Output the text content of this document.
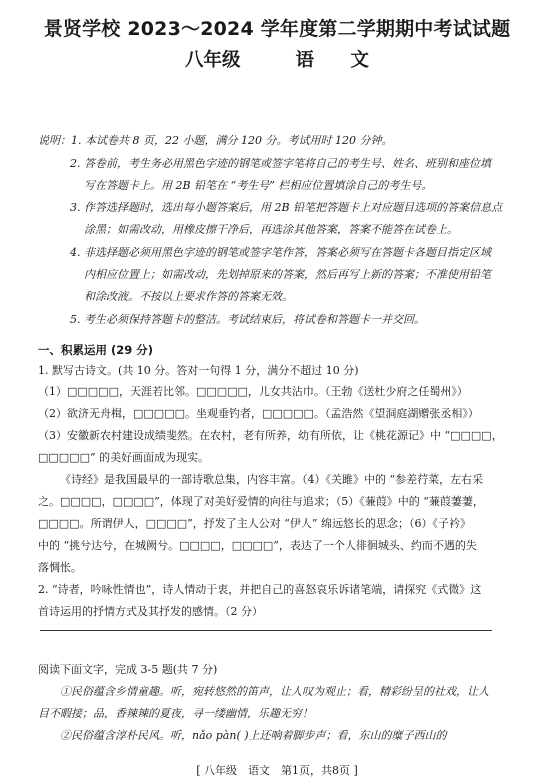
景贤学校 2023～2024 学年度第二学期期中考试试题
八年级　 语 文
说明：1. 本试卷共 8 页，22 小题，满分 120 分。考试用时 120 分钟。
2. 答卷前，考生务必用黑色字迹的钢笔或签字笔将自己的考生号、姓名、班别和座位填
写在答题卡上。用 2B 铅笔在 “考生号” 栏相应位置填涂自己的考生号。
3. 作答选择题时，选出每小题答案后，用 2B 铅笔把答题卡上对应题目选项的答案信息点
涂黑；如需改动，用橡皮擦干净后，再选涂其他答案，答案不能答在试卷上。
4. 非选择题必须用黑色字迹的钢笔或签字笔作答，答案必须写在答题卡各题目指定区域
内相应位置上；如需改动，先划掉原来的答案，然后再写上新的答案；不准使用铅笔
和涂改液。不按以上要求作答的答案无效。
5. 考生必须保持答题卡的整洁。考试结束后，将试卷和答题卡一并交回。
一、积累运用 (29 分)
1. 默写古诗文。(共 10 分。答对一句得 1 分，满分不超过 10 分)
（1）□□□□□，天涯若比邻。□□□□□，儿女共沾巾。（王勃《送杜少府之任蜀州》）
（2）欲济无舟楫，□□□□□。坐观垂钓者，□□□□□。（孟浩然《望洞庭湖赠张丞相》）
（3）安徽新农村建设成绩斐然。在农村，老有所养，幼有所依，让《桃花源记》中 “□□□□，
□□□□□” 的美好画面成为现实。
《诗经》是我国最早的一部诗歌总集，内容丰富。（4）《关雎》中的 “参差荇菜，左右采
之。□□□□，□□□□”，体现了对美好爱情的向往与追求；（5）《蒹葭》中的 “蒹葭萋萋，
□□□□。所谓伊人，□□□□”，抒发了主人公对 “伊人” 绵远悠长的思念；（6）《子衿》
中的 “挑兮达兮，在城阙兮。□□□□，□□□□”，表达了一个人徘徊城头、约而不遇的失
落惆怅。
2. “诗者，吟咏性情也”，诗人情动于衷，并把自己的喜怒哀乐诉诸笔端，请探究《式微》这
首诗运用的抒情方式及其抒发的感情。（2 分）
阅读下面文字，完成 3-5 题(共 7 分)
①民俗蕴含乡情童趣。听，宛转悠然的笛声，让人叹为观止；看，精彩纷呈的社戏，让人
目不暇接；品，香辣辣的夏夜，寻一缕幽情，乐趣无穷！
②民俗蕴含淳朴民风。听，nǎo pàn( )上还响着脚步声；看，东山的糜子西山的
[ 八年级　语文　第1页，共8页 ]
